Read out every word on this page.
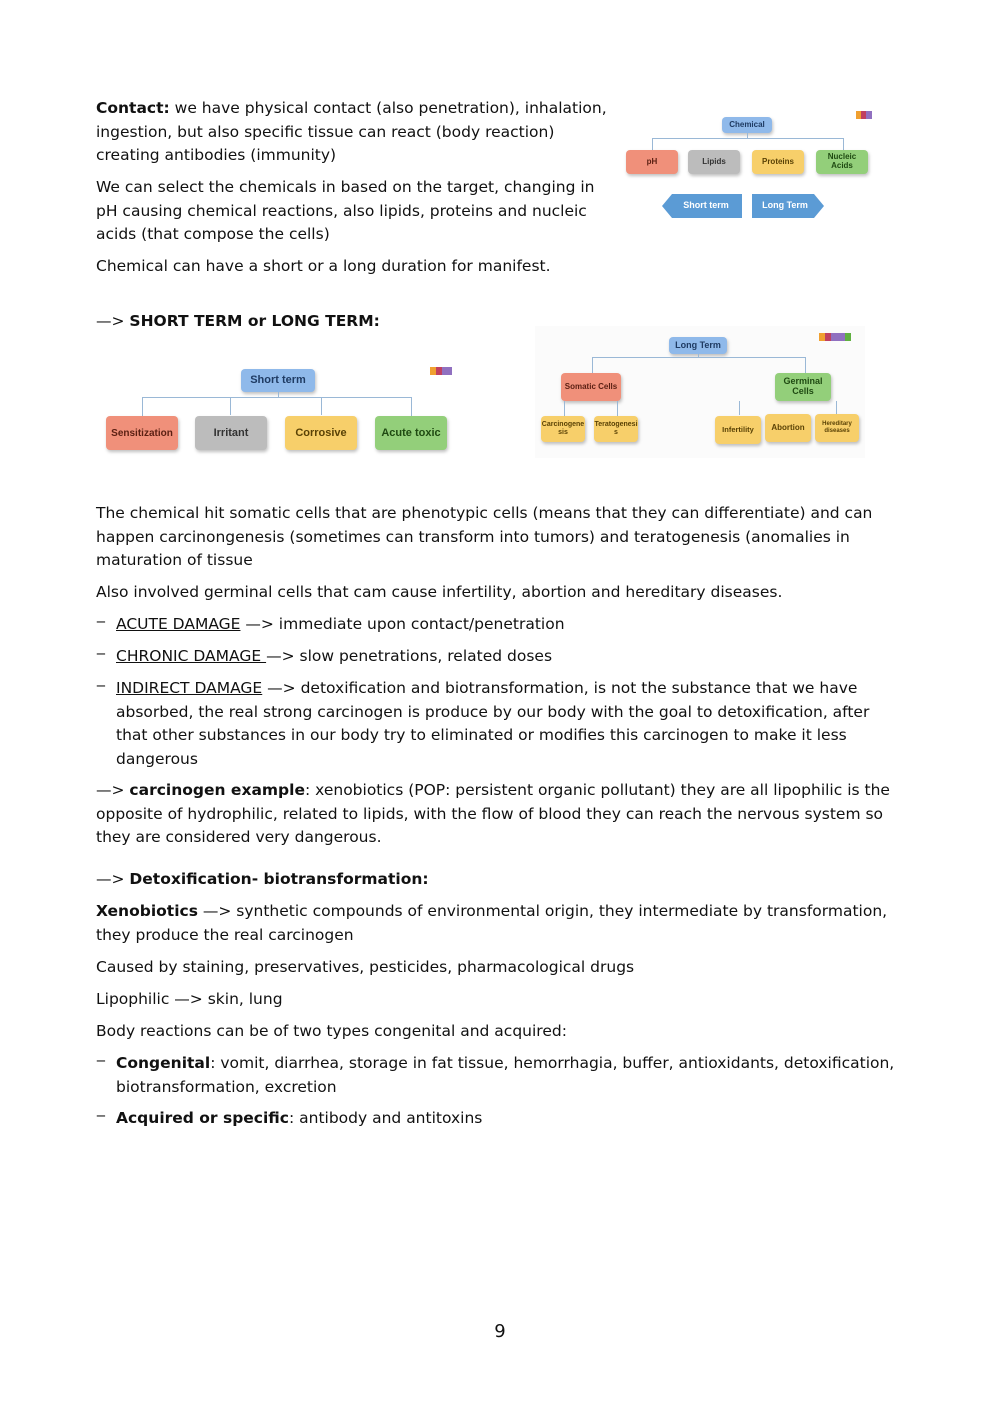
Contact: we have physical contact (also penetration), inhalation,
ingestion, but also specific tissue can react (body reaction)
creating antibodies (immunity)

We can select the chemicals in based on the target, changing in
pH causing chemical reactions, also lipids, proteins and nucleic
acids (that compose the cells)

Chemical can have a short or a long duration for manifest.

—> SHORT TERM or LONG TERM:

Chemical
pH	Lipids	Proteins	Nucleic Acids
Short term	Long Term
Short term
Sensitization	Irritant	Corrosive	Acute toxic
Long Term
Somatic Cells	Germinal Cells
Carcinogenesis
Teratogenesis	Infertility	Abortion	Hereditary diseases

The chemical hit somatic cells that are phenotypic cells (means that they can differentiate) and can
happen carcinongenesis (sometimes can transform into tumors) and teratogenesis (anomalies in
maturation of tissue

Also involved germinal cells that cam cause infertility, abortion and hereditary diseases.

‒ ACUTE DAMAGE —> immediate upon contact/penetration

‒ CHRONIC DAMAGE —> slow penetrations, related doses

‒ INDIRECT DAMAGE —> detoxification and biotransformation, is not the substance that we have
absorbed, the real strong carcinogen is produce by our body with the goal to detoxification, after
that other substances in our body try to eliminated or modifies this carcinogen to make it less
dangerous

—> carcinogen example: xenobiotics (POP: persistent organic pollutant) they are all lipophilic is the
opposite of hydrophilic, related to lipids, with the flow of blood they can reach the nervous system so
they are considered very dangerous.

—> Detoxification- biotransformation:

Xenobiotics —> synthetic compounds of environmental origin, they intermediate by transformation,
they produce the real carcinogen

Caused by staining, preservatives, pesticides, pharmacological drugs

Lipophilic —> skin, lung

Body reactions can be of two types congenital and acquired:

‒ Congenital: vomit, diarrhea, storage in fat tissue, hemorrhagia, buffer, antioxidants, detoxification,
biotransformation, excretion

‒ Acquired or specific: antibody and antitoxins

9
